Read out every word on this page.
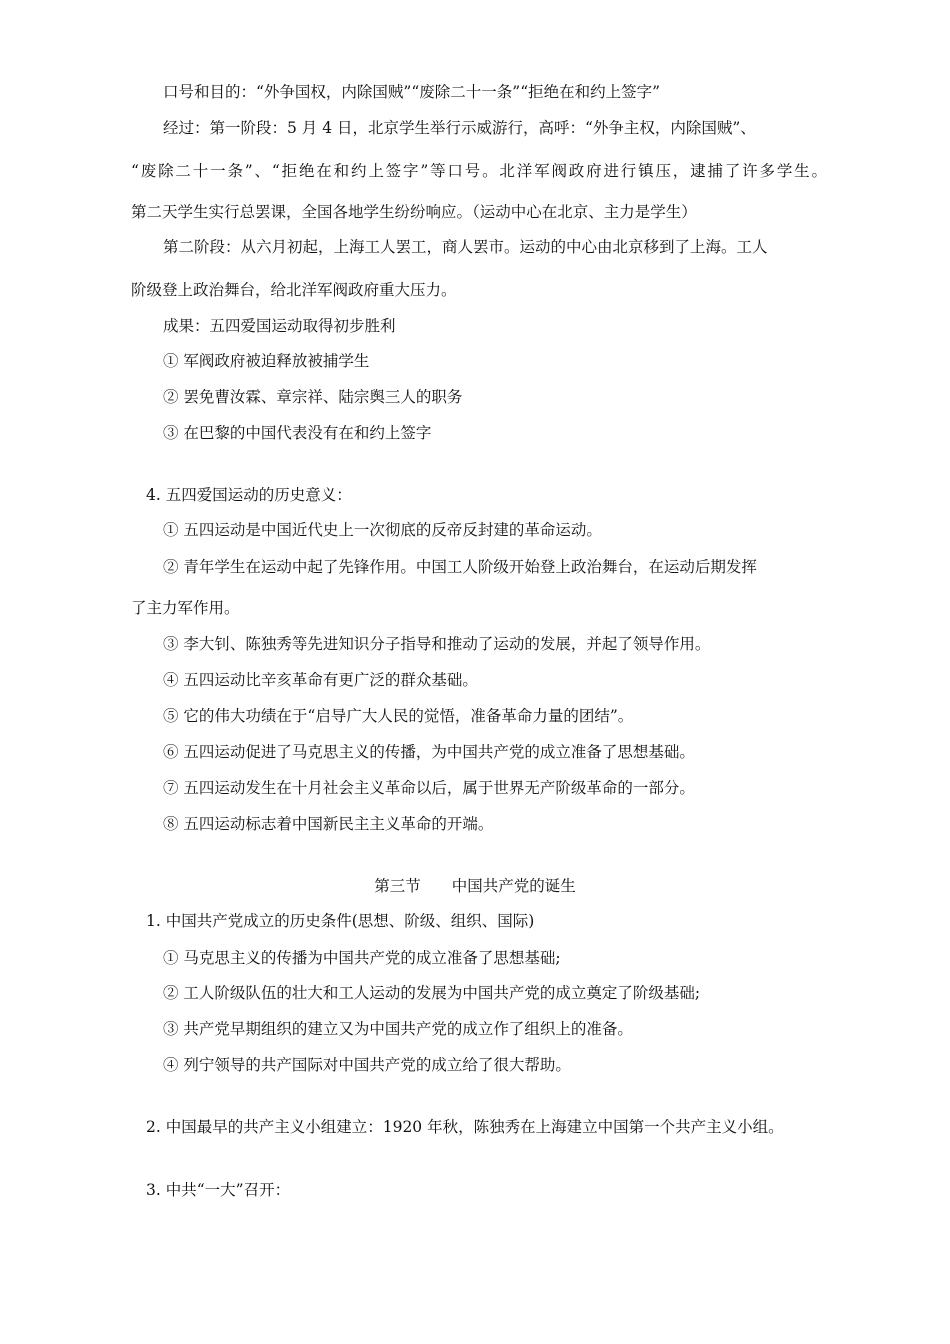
口号和目的：“外争国权，内除国贼”“废除二十一条”“拒绝在和约上签字”
经过：第一阶段：5 月 4 日，北京学生举行示威游行，高呼：“外争主权，内除国贼”、
“废除二十一条”、“拒绝在和约上签字”等口号。北洋军阀政府进行镇压，逮捕了许多学生。
第二天学生实行总罢课，全国各地学生纷纷响应。（运动中心在北京、主力是学生）
第二阶段：从六月初起，上海工人罢工，商人罢市。运动的中心由北京移到了上海。工人
阶级登上政治舞台，给北洋军阀政府重大压力。
成果：五四爱国运动取得初步胜利
① 军阀政府被迫释放被捕学生
② 罢免曹汝霖、章宗祥、陆宗舆三人的职务
③ 在巴黎的中国代表没有在和约上签字
4. 五四爱国运动的历史意义：
① 五四运动是中国近代史上一次彻底的反帝反封建的革命运动。
② 青年学生在运动中起了先锋作用。中国工人阶级开始登上政治舞台，在运动后期发挥
了主力军作用。
③ 李大钊、陈独秀等先进知识分子指导和推动了运动的发展，并起了领导作用。
④ 五四运动比辛亥革命有更广泛的群众基础。
⑤ 它的伟大功绩在于“启导广大人民的觉悟，准备革命力量的团结”。
⑥ 五四运动促进了马克思主义的传播，为中国共产党的成立准备了思想基础。
⑦ 五四运动发生在十月社会主义革命以后，属于世界无产阶级革命的一部分。
⑧ 五四运动标志着中国新民主主义革命的开端。
第三节　　中国共产党的诞生
1. 中国共产党成立的历史条件(思想、阶级、组织、国际)
① 马克思主义的传播为中国共产党的成立准备了思想基础;
② 工人阶级队伍的壮大和工人运动的发展为中国共产党的成立奠定了阶级基础;
③ 共产党早期组织的建立又为中国共产党的成立作了组织上的准备。
④ 列宁领导的共产国际对中国共产党的成立给了很大帮助。
2. 中国最早的共产主义小组建立：1920 年秋，陈独秀在上海建立中国第一个共产主义小组。
3. 中共“一大”召开：
